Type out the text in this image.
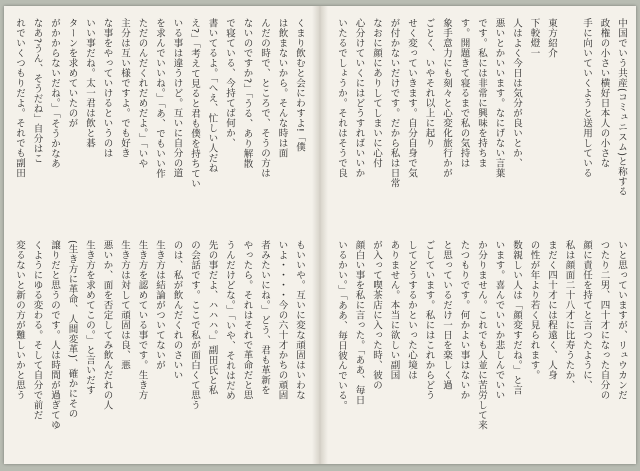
中国でいう共産(コミュニスム)と称する
政権の小さい横好日本人の小さな
手に向いていくようと送用している
東方紹介
下較燈一
人はよく今日は気分が良いとか、
悪いとかいいます。なにげない言葉
です。私には非常に興味を持ちま
す。開題きて寝るまで私の気持は
象手意力にも刻々と心変化旅行かが
ごとく、いやそれ以上に起り
せく変っていきます。自分自身で気
が付かないだけです。だから私は日常
なおに顔にありしてしまいに心付
心分けていくにはどうすればいいか
いたるでしょうか。それはそうで良
いと思っていますが、リュウカンだ
つたり二男、四十才になった自分の
顔に責任を持てと言つたように、
私は顔面二十八才に比寿うたか、
まだく四十才には程遠く、人身
の性が年より若く見られます。
数親しい人は「顔変すだね。」と言
います。喜んでいいか悲しんでいい
か分りません。これでも人並に苦労して来
たつもりです。何かよい事はないか
と思っているだけ一日を楽しく過
ごしています。私にはこれからどう
してどうするかといった心境は
ありません。本当に欲しい副国
が入って喫茶店に入った時、彼の
顔白い事を私に言った。「ああ、毎日
いるかい。」「ああ、毎日彼んでいる。
くまり飲むと会にわすよ!「僕
は飲まないから。そんな時は面
んだの時で、ところで、そうの方は
ないのですか?」「うる、あり解散
で寝ている、今持てば何か、
書いてるよ。「へえ、忙しい人だね
え?」「考えて見ると君も僕を持ちてい
いる事は違うけど。互いに自分の道
を求んでいいね。」「あ、でもいい作
ただのんだくれだめだよ。」「いや
主分は互い様ですよ。でも好き
な事をやっていけるというのは
いい事だね。太一君は飲と碁
ターンを求めていたのが
がかからないだね。」「そうかなあ
なあ?うん、そうだね」自分はこ
れでいくつもりだよ。それでも副田
もいいや。互いに変な頑固はいわな
いよ・・・・今の六十才かちの頑固
者みたいにね。」どう、君も革新を
やったら。それはそれで革命だと思
うんだけどな。」「いや、それはだめ
先の事だよ、ハハハ。」副田氏と私
の会話です。ここで私が面白くて思う
のは、私が飲んだくれのさいい
生き方は結論がついてないが
生き方を認めている事です。生き方
生き方は対して頑固は良、悪
悪いか、面を否定してみ飲んだれの人
生き方を求めてこの。」と言いだす
(生き方に革命、人間変革)、確かにその
譲りだと思うのです。人は時間が過ぎてゆ
くようにゆる変わる。そして自分で前だ
変るないと新の方が難しいかと思う
